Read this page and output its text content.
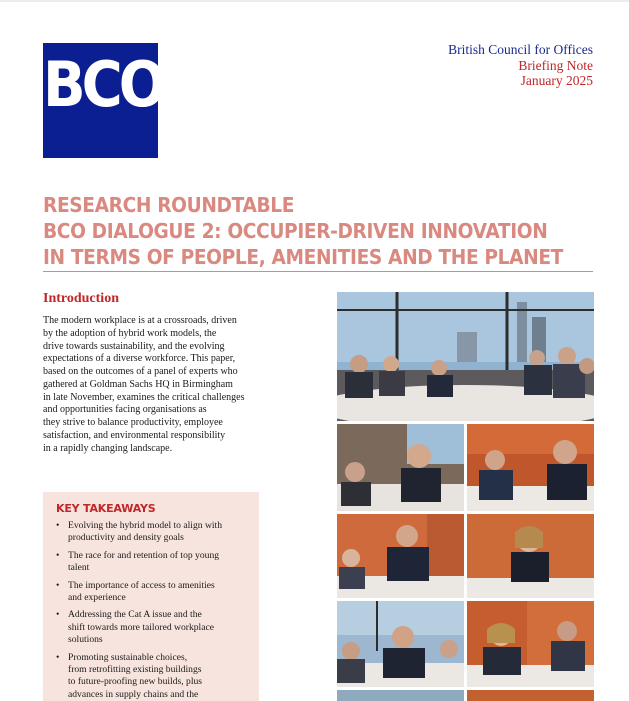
BCO	British Council for Offices
Briefing Note
January 2025
RESEARCH ROUNDTABLE
BCO DIALOGUE 2: OCCUPIER-DRIVEN INNOVATION
IN TERMS OF PEOPLE, AMENITIES AND THE PLANET
Introduction
The modern workplace is at a crossroads, driven
by the adoption of hybrid work models, the
drive towards sustainability, and the evolving
expectations of a diverse workforce. This paper,
based on the outcomes of a panel of experts who
gathered at Goldman Sachs HQ in Birmingham
in late November, examines the critical challenges
and opportunities facing organisations as
they strive to balance productivity, employee
satisfaction, and environmental responsibility
in a rapidly changing landscape.
KEY TAKEAWAYS
• Evolving the hybrid model to align with
productivity and density goals
• The race for and retention of top young
talent
• The importance of access to amenities
and experience
• Addressing the Cat A issue and the
shift towards more tailored workplace
solutions
• Promoting sustainable choices,
from retrofitting existing buildings
to future-proofing new builds, plus
advances in supply chains and the
